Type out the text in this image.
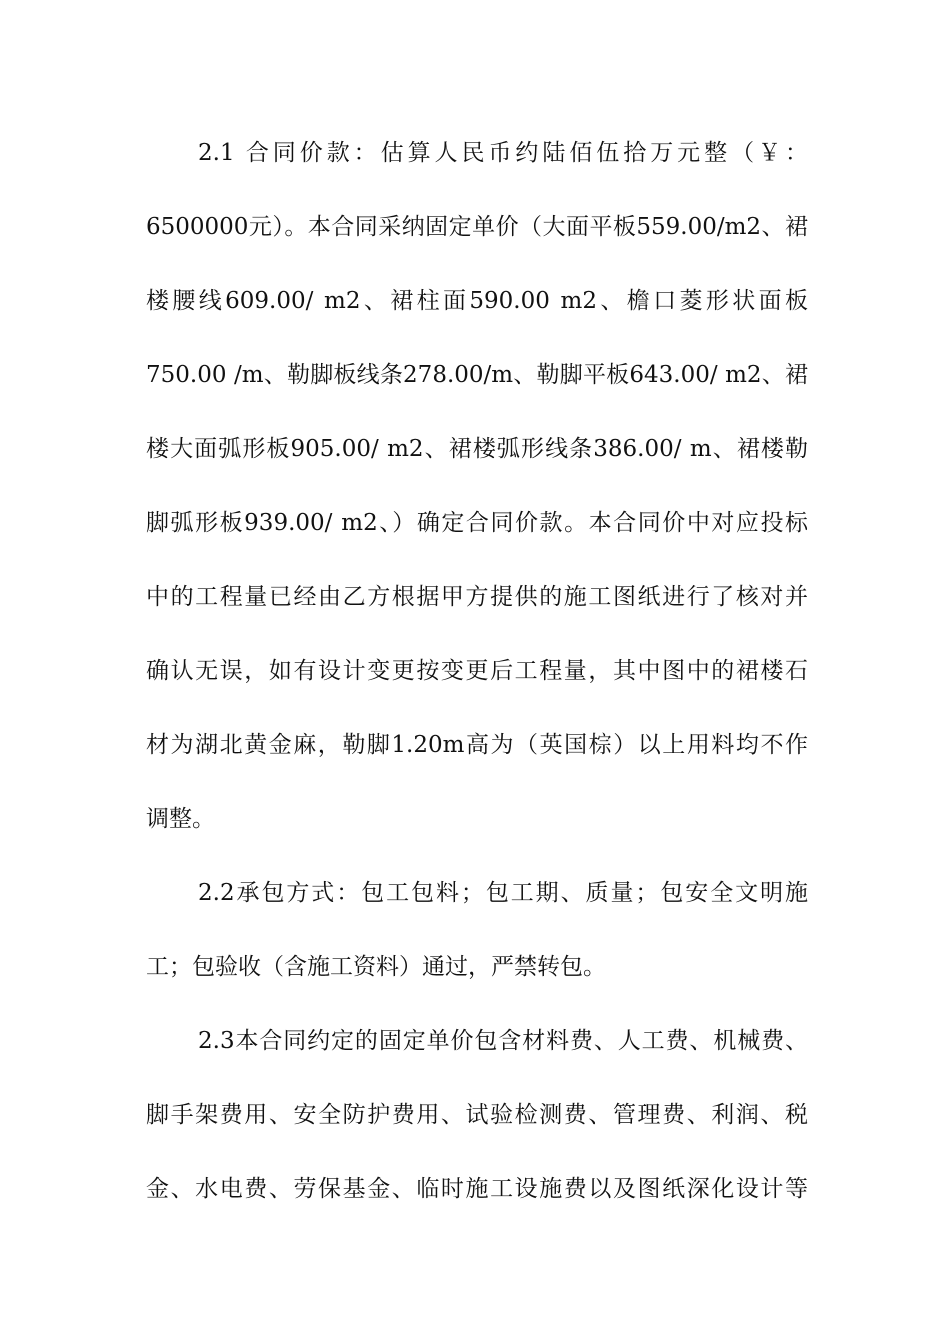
2.1 合同价款：估算人民币约陆佰伍拾万元整（￥：
6500000元）。本合同采纳固定单价（大面平板559.00/m2、裙
楼腰线609.00/ m2、裙柱面590.00 m2、檐口菱形状面板
750.00 /m、勒脚板线条278.00/m、勒脚平板643.00/ m2、裙
楼大面弧形板905.00/ m2、裙楼弧形线条386.00/ m、裙楼勒
脚弧形板939.00/ m2、）确定合同价款。本合同价中对应投标
中的工程量已经由乙方根据甲方提供的施工图纸进行了核对并
确认无误，如有设计变更按变更后工程量，其中图中的裙楼石
材为湖北黄金麻，勒脚1.20m高为（英国棕）以上用料均不作
调整。
2.2承包方式：包工包料；包工期、质量；包安全文明施
工；包验收（含施工资料）通过，严禁转包。
2.3本合同约定的固定单价包含材料费、人工费、机械费、
脚手架费用、安全防护费用、试验检测费、管理费、利润、税
金、水电费、劳保基金、临时施工设施费以及图纸深化设计等
